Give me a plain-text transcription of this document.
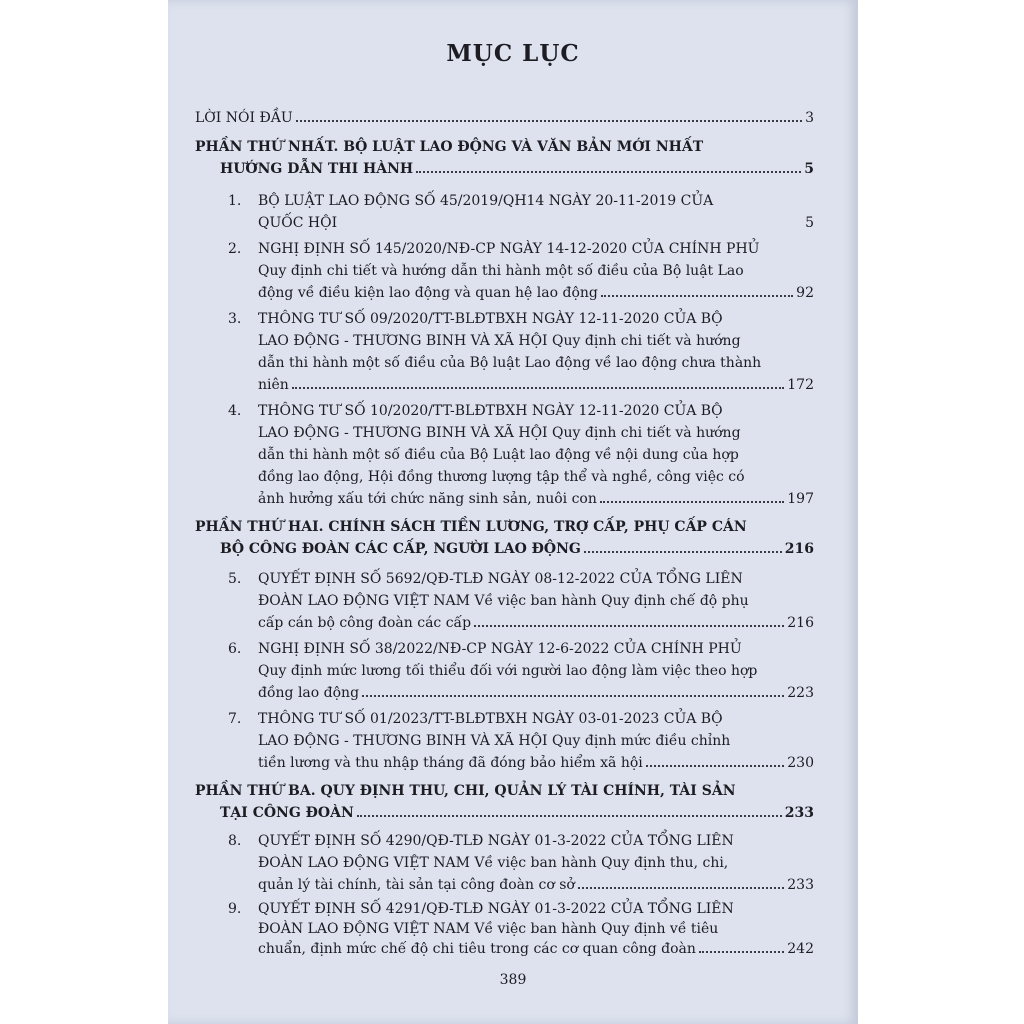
MỤC LỤC
LỜI NÓI ĐẦU	3
PHẦN THỨ NHẤT. BỘ LUẬT LAO ĐỘNG VÀ VĂN BẢN MỚI NHẤT
HƯỚNG DẪN THI HÀNH	5
1. BỘ LUẬT LAO ĐỘNG SỐ 45/2019/QH14 NGÀY 20-11-2019 CỦA
QUỐC HỘI	5
2. NGHỊ ĐỊNH SỐ 145/2020/NĐ-CP NGÀY 14-12-2020 CỦA CHÍNH PHỦ
Quy định chi tiết và hướng dẫn thi hành một số điều của Bộ luật Lao
động về điều kiện lao động và quan hệ lao động	92
3. THÔNG TƯ SỐ 09/2020/TT-BLĐTBXH NGÀY 12-11-2020 CỦA BỘ
LAO ĐỘNG - THƯƠNG BINH VÀ XÃ HỘI Quy định chi tiết và hướng
dẫn thi hành một số điều của Bộ luật Lao động về lao động chưa thành
niên	172
4. THÔNG TƯ SỐ 10/2020/TT-BLĐTBXH NGÀY 12-11-2020 CỦA BỘ
LAO ĐỘNG - THƯƠNG BINH VÀ XÃ HỘI Quy định chi tiết và hướng
dẫn thi hành một số điều của Bộ Luật lao động về nội dung của hợp
đồng lao động, Hội đồng thương lượng tập thể và nghề, công việc có
ảnh hưởng xấu tới chức năng sinh sản, nuôi con	197
PHẦN THỨ HAI. CHÍNH SÁCH TIỀN LƯƠNG, TRỢ CẤP, PHỤ CẤP CÁN
BỘ CÔNG ĐOÀN CÁC CẤP, NGƯỜI LAO ĐỘNG	216
5. QUYẾT ĐỊNH SỐ 5692/QĐ-TLĐ NGÀY 08-12-2022 CỦA TỔNG LIÊN
ĐOÀN LAO ĐỘNG VIỆT NAM Về việc ban hành Quy định chế độ phụ
cấp cán bộ công đoàn các cấp	216
6. NGHỊ ĐỊNH SỐ 38/2022/NĐ-CP NGÀY 12-6-2022 CỦA CHÍNH PHỦ
Quy định mức lương tối thiểu đối với người lao động làm việc theo hợp
đồng lao động	223
7. THÔNG TƯ SỐ 01/2023/TT-BLĐTBXH NGÀY 03-01-2023 CỦA BỘ
LAO ĐỘNG - THƯƠNG BINH VÀ XÃ HỘI Quy định mức điều chỉnh
tiền lương và thu nhập tháng đã đóng bảo hiểm xã hội	230
PHẦN THỨ BA. QUY ĐỊNH THU, CHI, QUẢN LÝ TÀI CHÍNH, TÀI SẢN
TẠI CÔNG ĐOÀN	233
8. QUYẾT ĐỊNH SỐ 4290/QĐ-TLĐ NGÀY 01-3-2022 CỦA TỔNG LIÊN
ĐOÀN LAO ĐỘNG VIỆT NAM Về việc ban hành Quy định thu, chi,
quản lý tài chính, tài sản tại công đoàn cơ sở	233
9. QUYẾT ĐỊNH SỐ 4291/QĐ-TLĐ NGÀY 01-3-2022 CỦA TỔNG LIÊN
ĐOÀN LAO ĐỘNG VIỆT NAM Về việc ban hành Quy định về tiêu
chuẩn, định mức chế độ chi tiêu trong các cơ quan công đoàn	242
389
